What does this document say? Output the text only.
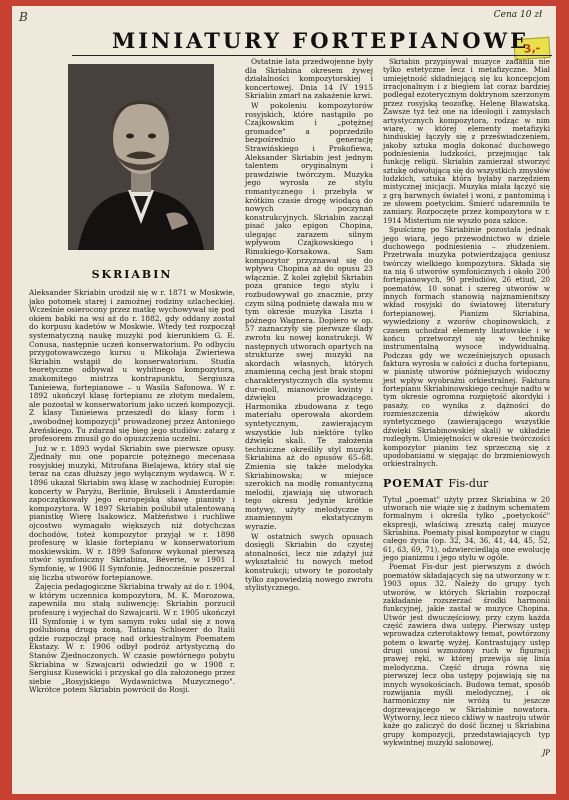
B	Cena 10 zł
3,-
MINIATURY FORTEPIANOWE
SKRIABIN

Aleksander Skriabin urodził się w r. 1871 w Moskwie, jako potomek starej i zamożnej rodziny szlacheckiej. Wcześnie osierocony przez matkę wychowywał się pod okiem babki na wsi aż do r. 1882, gdy oddany został do korpusu kadetów w Moskwie. Wtedy też rozpoczął systematyczną naukę muzyki pod kierunkiem G. E. Conusa, następnie uczeń konserwatorium. Po odbyciu przygotowawczego kursu u Mikołaja Zwieriewa Skriabin wstąpił do konserwatorium. Studia teoretyczne odbywał u wybitnego kompozytora, znakomitego mistrza kontrapunktu, Sergiusza Tanieiewa, fortepianowe – u Wasila Safonowa. W r. 1892 ukończył klasę fortepianu ze złotym medalem, ale pozostał w konserwatorium jako uczeń kompozycji. Z klasy Tanieiewa przeszedł do klasy form i „swobodnej kompozycji" prowadzonej przez Antoniego Areńskiego. Tu zdarzał się bieg jego studiów: zatarg z profesorem zmusił go do opuszczenia uczelni.

Już w r. 1893 wydał Skriabin swe pierwsze opusy. Zjednały mu one poparcie potężnego mecenasa rosyjskiej muzyki, Mitrofana Bielajewa, który stał się teraz na czas dłuższy jego wyłącznym wydawcą. W r. 1896 ukazał Skriabin swą klasę w zachodniej Europie: koncerty w Paryżu, Berlinie, Brukseli i Amsterdamie zapoczątkowały jego europejską sławę pianisty i kompozytora. W 1897 Skriabin poślubił utalentowaną pianistkę Wierę Isakowicz. Małżeństwo i ruchliwe ojcostwo wymagało większych niż dotychczas dochodów, toteż kompozytor przyjął w r. 1898 profesurę w klasie fortepianu w konserwatorium moskiewskim. W r. 1899 Safonow wykonał pierwszą utwór symfoniczny Skriabina, Béverie, w 1901 I Symfonię, w 1906 II Symfonię. Jednocześnie poszerzał się liczba utworów fortepianowe.

Zajęcia pedagogiczne Skriabina trwały aż do r. 1904, w którym uczennica kompozytora, M. K. Morozowa, zapewniła mu stałą subwencję: Skriabin porzucił profesurę i wyjechał do Szwajcarii. W r. 1905 ukończył III Symfonię i w tym samym roku udał się z nową poślubioną drugą żoną, Tatianą Schloezer do Italii gdzie rozpoczął pracę nad orkiestralnym Poematem Ekstazy. W r. 1906 odbył podróż artystyczną do Stanów Zjednoczonych. W czasie powtórnego pobytu Skriabina w Szwajcarii odwiedził go w 1908 r. Sergiusz Kusewicki i przyskał go dla założonego przez siebie „Rosyjskiego Wydawnictwa Muzycznego". Wkrótce potem Skriabin powrócił do Rosji.

Ostatnie lata przedwojenne były dla Skriabina okresem żywej działalności kompozytorskiej i koncertowej. Dnia 14 IV 1915 Skriabin zmarł na zakażenie krwi.

W pokoleniu kompozytorów rosyjskich, które nastąpiło po Czajkowskim i „potężnej gromadce" a poprzedziło bezpośrednio generację Strawińskiego i Prokofiewa, Aleksander Skriabin jest jednym talentem oryginalnym i prawdziwie twórczym. Muzyka jego wyrosła ze stylu romantycznego i przebyła w krótkim czasie drogę wiodącą do nowych poczynań konstrukcyjnych. Skriabin zaczął pisać jako epigon Chopina, ulegając zarazem silnym wpływom Czajkowskiego i Rimskiego-Korsakowa. Sam kompozytor przyznawał się do wpływu Chopina aż do opusu 23 włącznie. Z kolei zgłębił Skriabin poza granice tego stylu i rozbudowywał go znacznie, przy czym silną podnietę dawała mu w tym okresie muzyka Liszta i późnego Wagnera. Dopiero w op. 57 zaznaczyły się pierwsze ślady zwrotu ku nowej konstrukcji. W następnych utworach opartych na strukturze swej muzyki na akordach własnych, których znamienną cechą jest brak stopni charakterystycznych dla systemu dur-moll, mianowicie kwinty i dźwięku prowadzącego. Harmonika zbudowana z tego materiału operowała akordem syntetycznym, zawierającym wszystkie lub niektóre tylko dźwięki skali. Te założenia techniczne określiły styl muzyki Skriabina aż do opusów 65–68. Zmienia się także melodyka Skriabinowska; w miejsce szerokich na modłę romantyczną melodii, zjawiają się utworach tego okresu jedynie krótkie motywy, użyty melodyczne o znamiennym ekstatycznym wyrazie.

W ostatnich swych opusach dosięgli Skriabin do czystej atonalności, lecz nie zdążył już wykształcić tu nowych metod konstrukcji; utwory te pozostały tylko zapowiedzią nowego zwrotu stylistycznego.

Skriabin przypisywał muzyce zadania nie tylko estetyczne lecz i metafizyczne. Miał umiejętność składniejącą się ku koncepcjom irracjonalnym i z biegiem lat coraz bardziej podlegał ezoterycznym doktrynom szerzonym przez rosyjską teozofkę, Helenę Bławatską. Zawsze tyż też one na ideologii i zamysłach artystycznych kompozytora, rodząc w nim wiarę, w której elementy metafizyki hinduskiej łączyły się z przeświadczeniem, jakoby sztuka mogła dokonać duchowego podniesienia ludzkości, przejmując tak funkcję religii. Skriabin zamierzał stworzyć sztukę odwołującą się do wszystkich zmysłów ludzkich, sztuka która byłaby narzędziem mistycznej inicjacji. Muzyka miała łączyć się z grą barwnych świateł i woni, z pantomimą i ze słowem poetyckim. Śmierć udaremniła te zamiary. Rozpoczęte przez kompozytora w r. 1914 Misterium nie wyszło poza szkice.

Spuściznę po Skriabinie pozostała jednak jego wiara, jego przewodnictwo w dziele duchowego podniesienia – złudzeniem. Przetrwała muzyka potwierdzająca geniusz twórczy wielkiego kompozytora. Składa się na nią 6 utworów symfonicznych i około 200 fortepianowych, 90 preludiów, 26 etiud, 20 poematów, 10 sonat i szereg utworów w innych formach stanowią najznamienitszy wkład rosyjski do światowej literatury fortepianowej. Pianizm Skriabina, wywiedziony z wzorów chopinowskich, z czasem uchodzał elementy lisztowskie i w końcu przetworzył się w technikę instrumentalną wysoce indywidualną. Podczas gdy we wcześniejszych opusach faktura wyrosła w całości z ducha fortepianu, w pianistę utworów późniejszych widoczny jest wpływ wyobraźni orkiestralnej. Faktura fortepianu Skriabinowskiego cechuje nadto w tym okresie ogromna rozpiętość akordyki i pasaży, co wynika z dążności do rozmieszczenia dźwięków akordu syntetycznego (zawierającego wszystkie dźwięki Skriabinowskiej skali) w układzie rozległym. Umiejętności w okresie twórczości kompozytor pianim tez sprzeczną się z upodobaniami w sięgając do brzmieniowych orkiestralnych.

POEMAT Fis-dur

Tytuł „poemat" użyty przez Skriabina w 20 utworach nie wiąże się z żadnym schematem formalnym i określa tylko „poetyckość" ekspresji, właściwą zresztą całej muzyce Skriabina. Poematy pisał kompozytor w ciągu całego życia (op. 32, 34, 36, 41, 44, 45, 52, 61, 63, 69, 71), odzwierciedlają one ewolucję jego pianizmu i jego stylu w ogóle.

Poemat Fis-dur jest pierwszym z dwóch poematów składających się na utworzony w r. 1903 opus 32. Należy do grupy tych utworów, w których Skriabin rozpoczął zakładanie rozszerzać środki harmonii funkcyjnej, jakie zastał w muzyce Chopina. Utwór jest dwuczęściowy, przy czym każda część zawiera dwa ustępy. Pierwszy ustęp wprowadza czterotaktowy temat, powtórzony potem o kwartę wyżej. Kontrastujący ustęp drugi unosi wzmożony ruch w figuracji prawej ręki, w której przewija się linia melodyczna. Część druga równa się pierwszej lecz oba ustępy pojawiają się na innych wysokościach. Budowa temat, sposób rozwijania myśli melodycznej, i ok harmoniczny nie wróżą tu jeszcze dojrzewającego w Skriabinie nowatora. Wytworny, lecz nieco ckliwy w nastroju utwór każe go zaliczyć do dość licznej u Skriabina grupy kompozycji, przedstawiających typ wykwintnej muzyki salonowej.

JP
